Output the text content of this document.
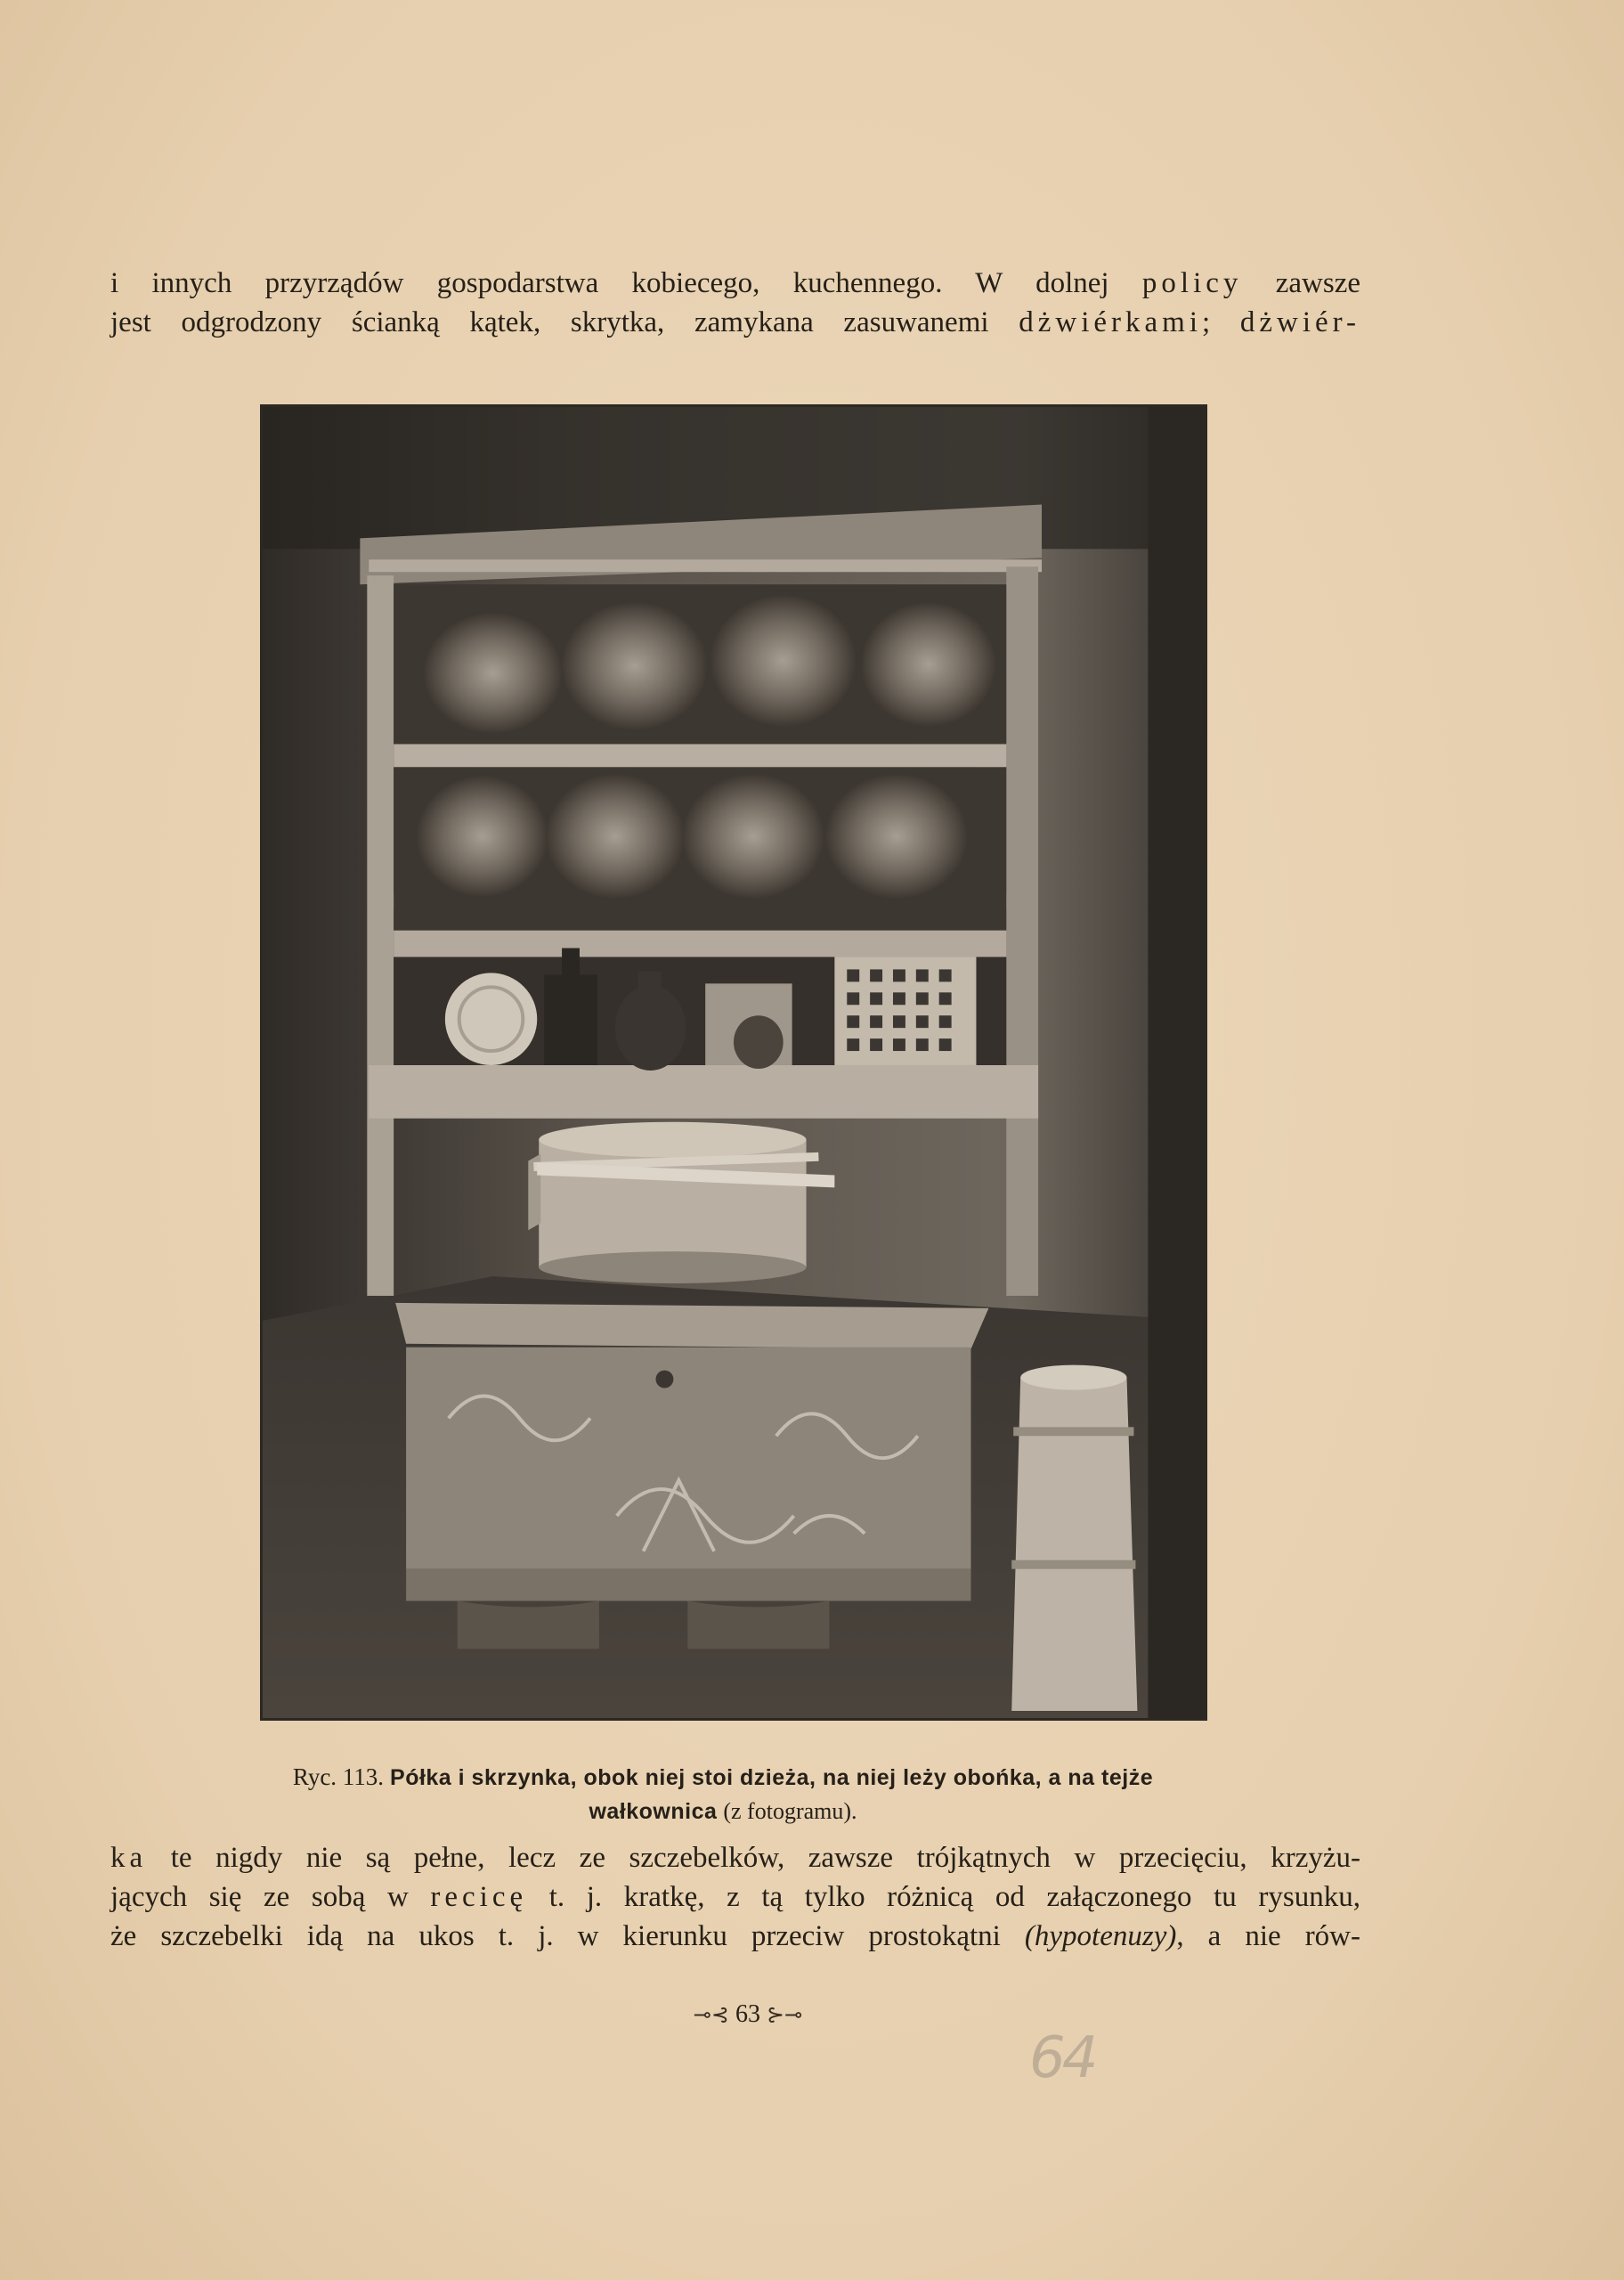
i innych przyrządów gospodarstwa kobiecego, kuchennego. W dolnej policy zawsze
jest odgrodzony ścianką kątek, skrytka, zamykana zasuwanemi dżwiérkami; dżwiér-

Ryc. 113. Półka i skrzynka, obok niej stoi dzieża, na niej leży obońka, a na tejże
wałkownica (z fotogramu).

ka te nigdy nie są pełne, lecz ze szczebelków, zawsze trójkątnych w przecięciu, krzyżu-
jących się ze sobą w recicę t. j. kratkę, z tą tylko różnicą od załączonego tu rysunku,
że szczebelki idą na ukos t. j. w kierunku przeciw prostokątni (hypotenuzy), a nie rów-

⊸⊰ 63 ⊱⊸
64
